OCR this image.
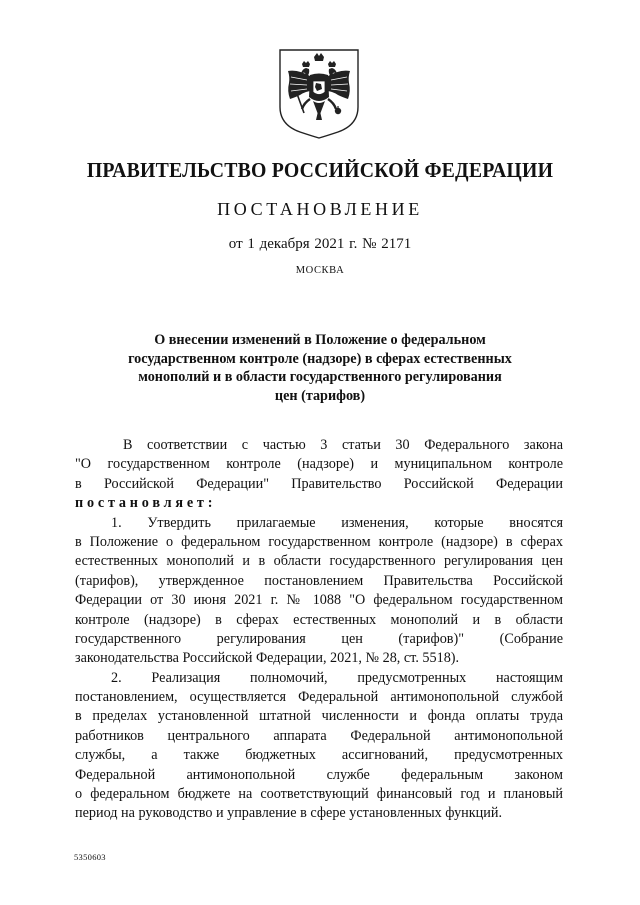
ПРАВИТЕЛЬСТВО РОССИЙСКОЙ ФЕДЕРАЦИИ
ПОСТАНОВЛЕНИЕ
от 1 декабря 2021 г. № 2171
МОСКВА
О внесении изменений в Положение о федеральном
государственном контроле (надзоре) в сферах естественных
монополий и в области государственного регулирования
цен (тарифов)
В соответствии с частью 3 статьи 30 Федерального закона
"О государственном контроле (надзоре) и муниципальном контроле
в Российской Федерации" Правительство Российской Федерации
постановляет:
1. Утвердить прилагаемые изменения, которые вносятся
в Положение о федеральном государственном контроле (надзоре) в сферах
естественных монополий и в области государственного регулирования цен
(тарифов), утвержденное постановлением Правительства Российской
Федерации от 30 июня 2021 г. № 1088 "О федеральном государственном
контроле (надзоре) в сферах естественных монополий и в области
государственного регулирования цен (тарифов)" (Собрание
законодательства Российской Федерации, 2021, № 28, ст. 5518).
2. Реализация полномочий, предусмотренных настоящим
постановлением, осуществляется Федеральной антимонопольной службой
в пределах установленной штатной численности и фонда оплаты труда
работников центрального аппарата Федеральной антимонопольной
службы, а также бюджетных ассигнований, предусмотренных
Федеральной антимонопольной службе федеральным законом
о федеральном бюджете на соответствующий финансовый год и плановый
период на руководство и управление в сфере установленных функций.
5350603
